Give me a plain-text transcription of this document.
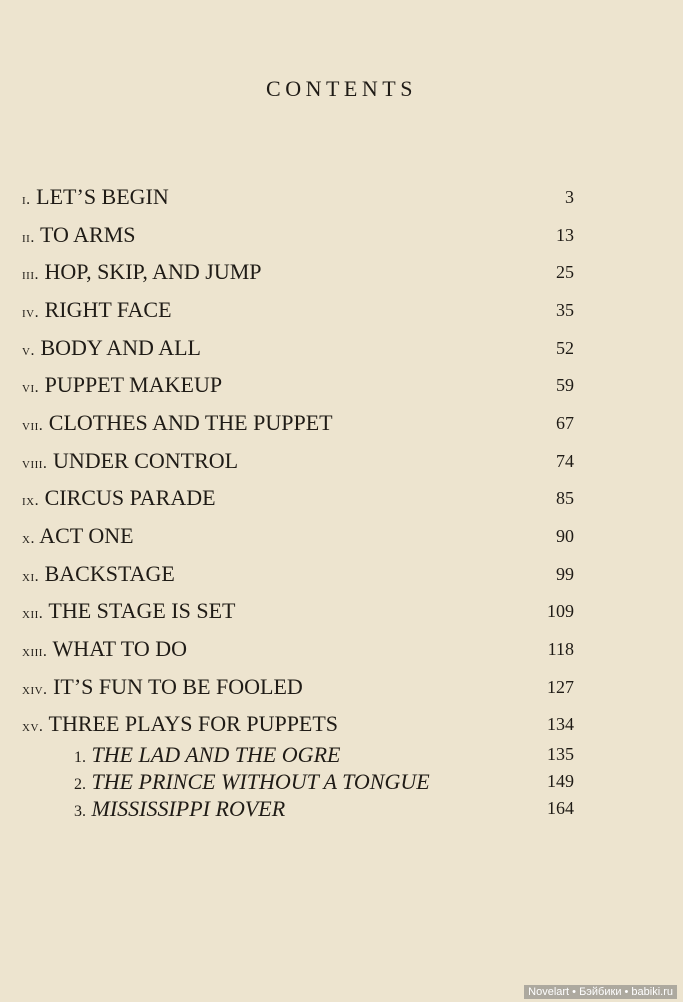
CONTENTS
i. LET’S BEGIN	3
ii. TO ARMS	13
iii. HOP, SKIP, AND JUMP	25
iv. RIGHT FACE	35
v. BODY AND ALL	52
vi. PUPPET MAKEUP	59
vii. CLOTHES AND THE PUPPET	67
viii. UNDER CONTROL	74
ix. CIRCUS PARADE	85
x. ACT ONE	90
xi. BACKSTAGE	99
xii. THE STAGE IS SET	109
xiii. WHAT TO DO	118
xiv. IT’S FUN TO BE FOOLED	127
xv. THREE PLAYS FOR PUPPETS	134
1. THE LAD AND THE OGRE	135
2. THE PRINCE WITHOUT A TONGUE	149
3. MISSISSIPPI ROVER	164
Novelart • Бэйбики • babiki.ru
